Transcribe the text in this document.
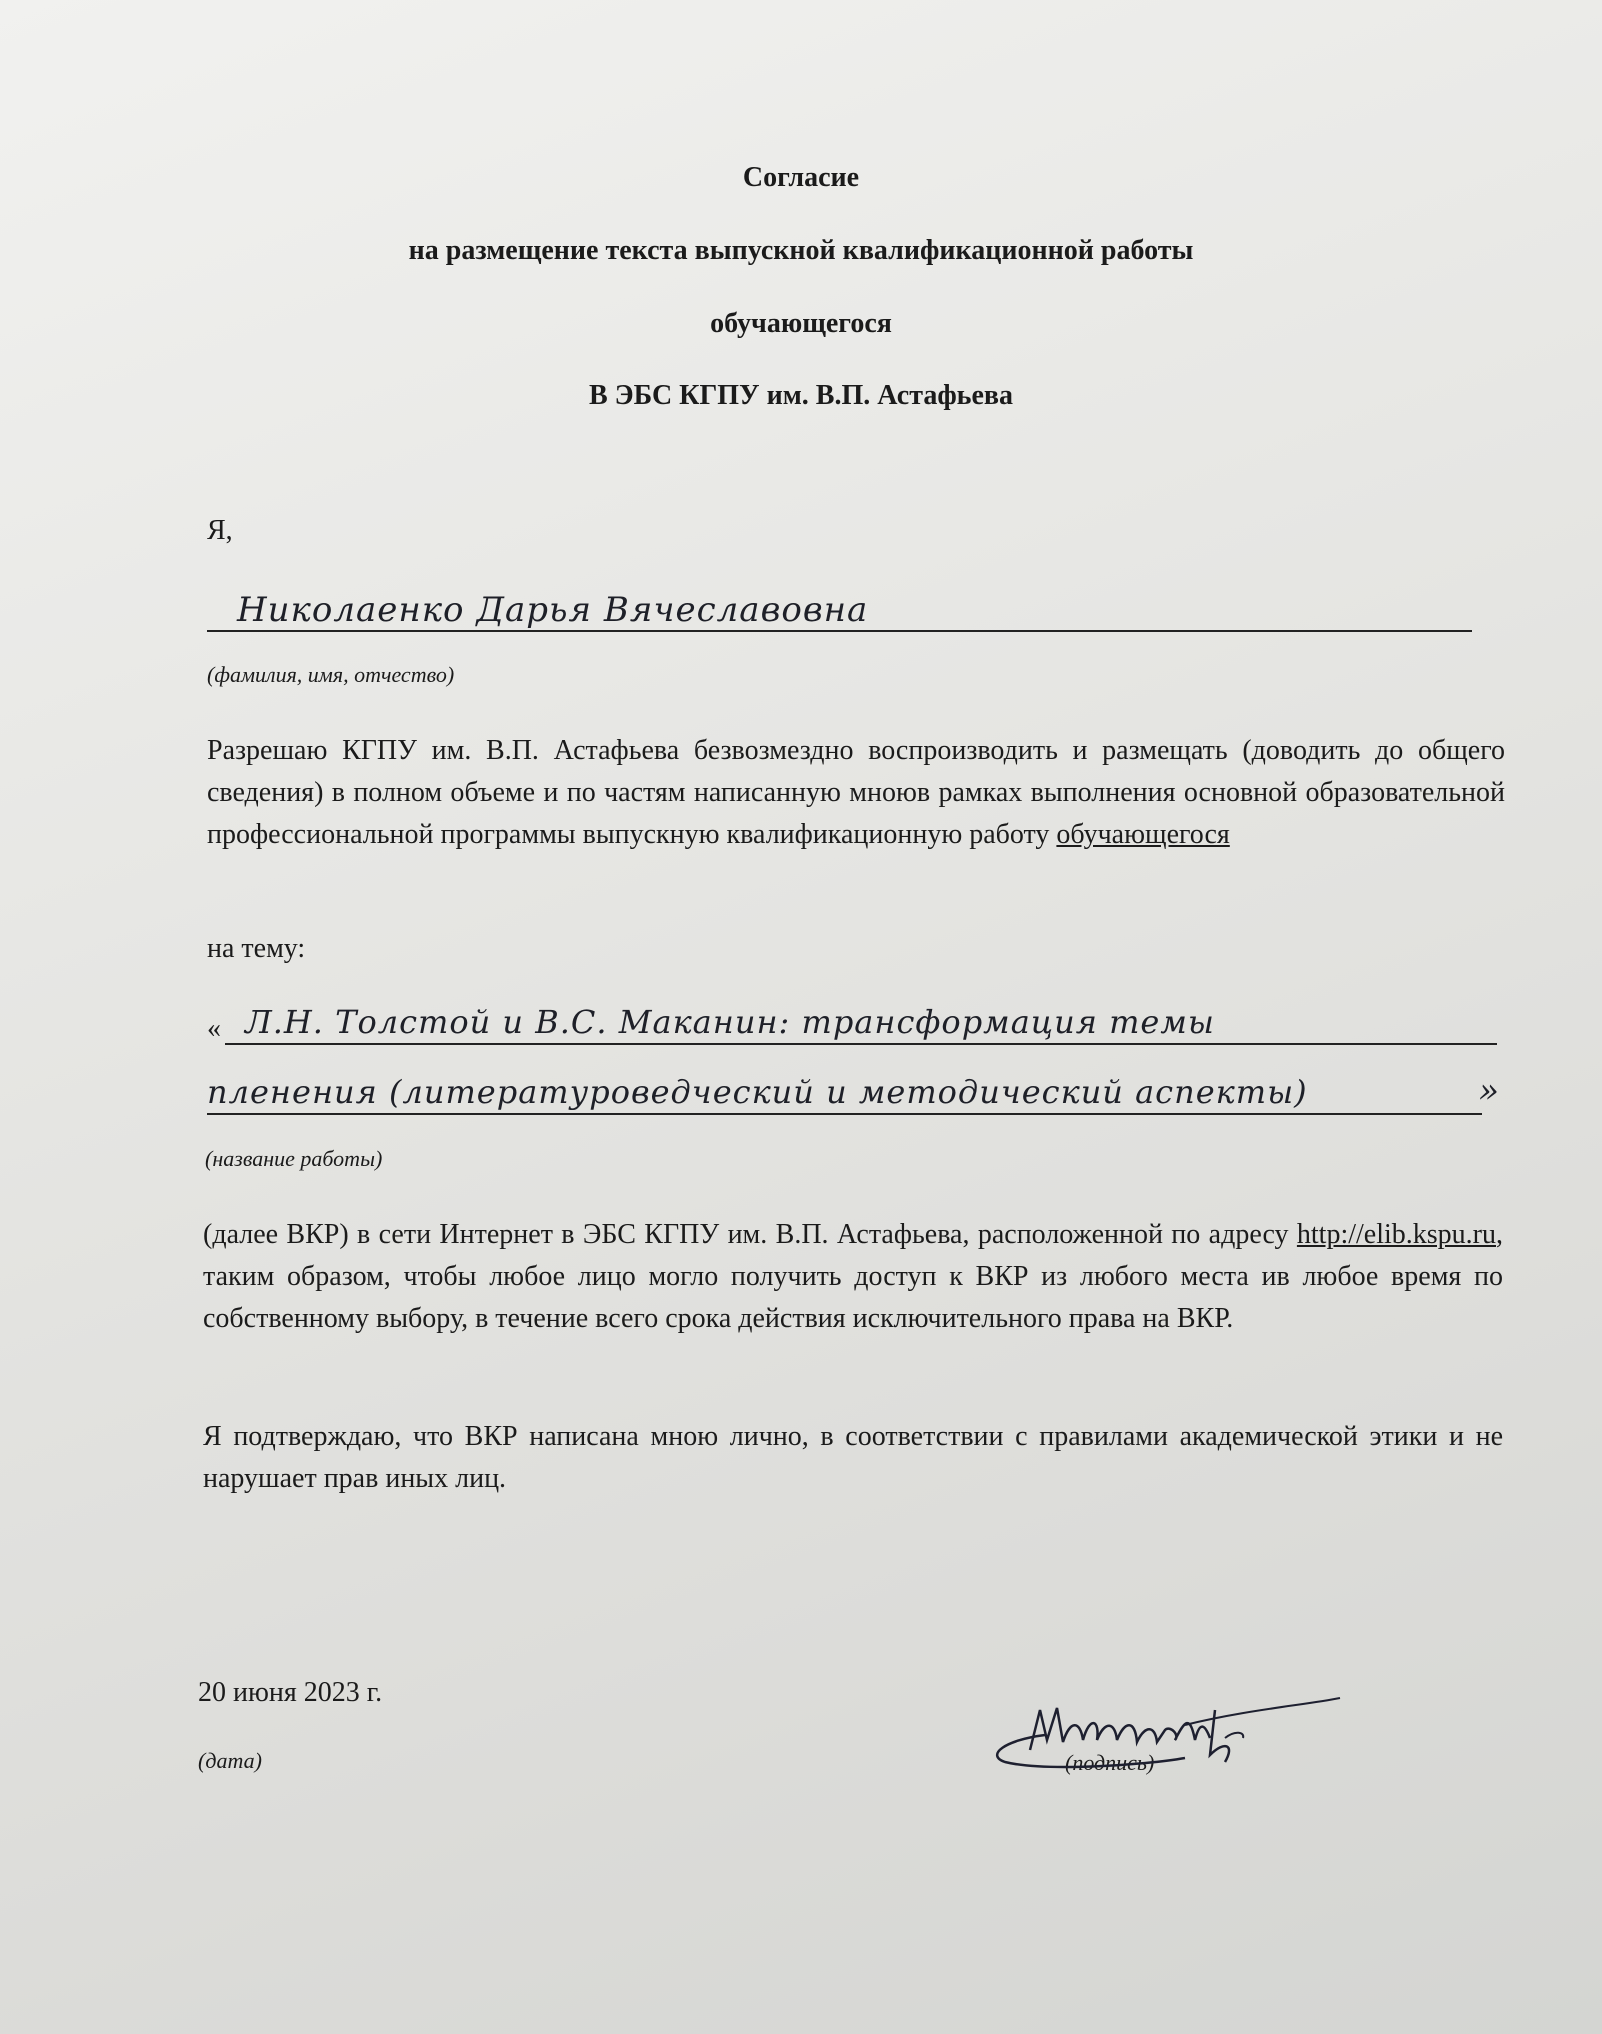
Согласие
на размещение текста выпускной квалификационной работы
обучающегося
В ЭБС КГПУ им. В.П. Астафьева
Я,
Николаенко Дарья Вячеславовна
(фамилия, имя, отчество)
Разрешаю КГПУ им. В.П. Астафьева безвозмездно воспроизводить и размещать (доводить до общего сведения) в полном объеме и по частям написанную мноюв рамках выполнения основной образовательной профессиональной программы выпускную квалификационную работу обучающегося
на тему:
« Л.Н. Толстой и В.С. Маканин: трансформация темы
пленения (литературоведческий и методический аспекты)	»
(название работы)
(далее ВКР) в сети Интернет в ЭБС КГПУ им. В.П. Астафьева, расположенной по адресу http://elib.kspu.ru, таким образом, чтобы любое лицо могло получить доступ к ВКР из любого места ив любое время по собственному выбору, в течение всего срока действия исключительного права на ВКР.
Я подтверждаю, что ВКР написана мною лично, в соответствии с правилами академической этики и не нарушает прав иных лиц.
20 июня 2023 г.
(дата)	(подпись)
